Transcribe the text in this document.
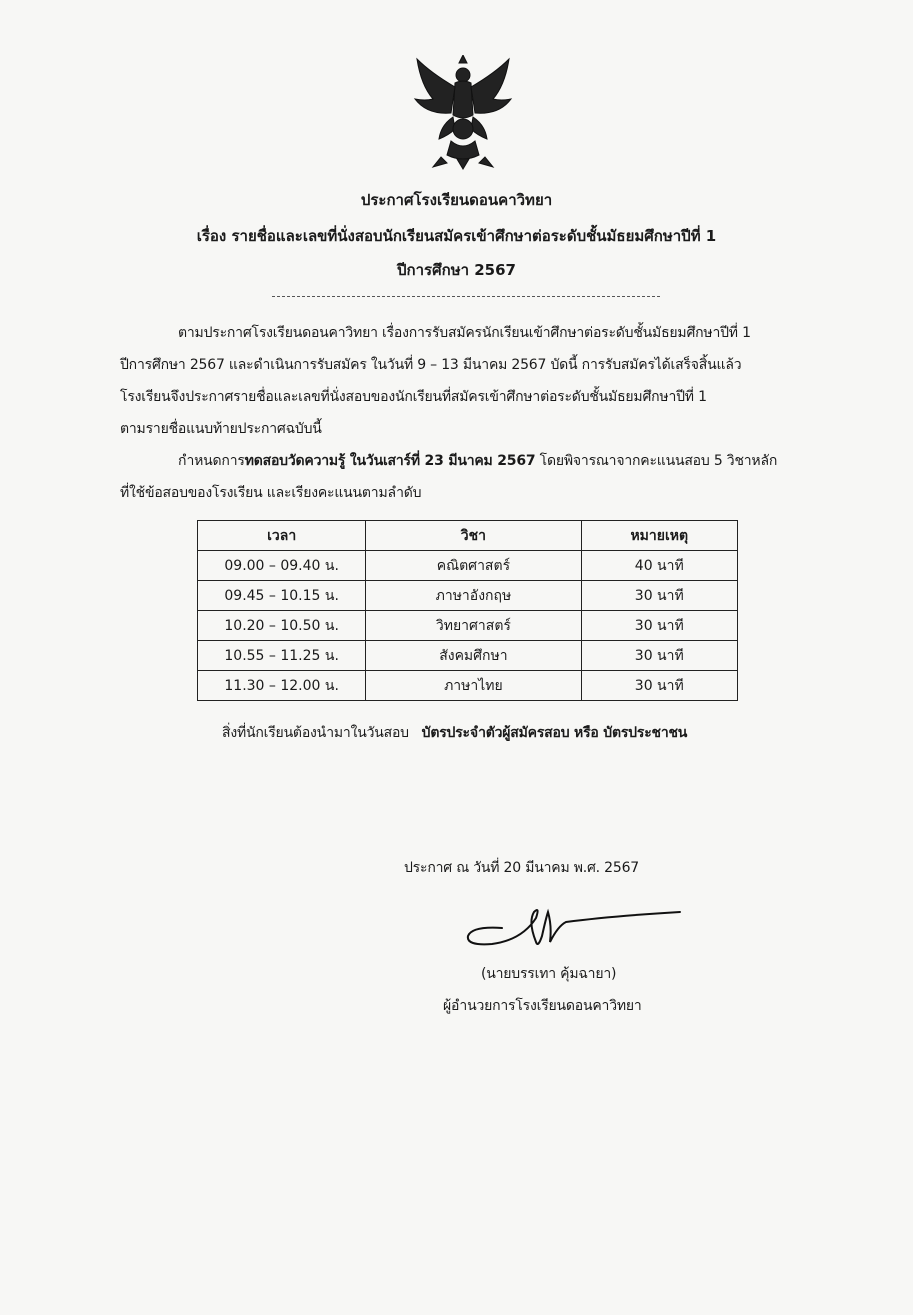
ประกาศโรงเรียนดอนคาวิทยา
เรื่อง รายชื่อและเลขที่นั่งสอบนักเรียนสมัครเข้าศึกษาต่อระดับชั้นมัธยมศึกษาปีที่ 1
ปีการศึกษา 2567
ตามประกาศโรงเรียนดอนคาวิทยา เรื่องการรับสมัครนักเรียนเข้าศึกษาต่อระดับชั้นมัธยมศึกษาปีที่ 1
ปีการศึกษา 2567 และดำเนินการรับสมัคร ในวันที่ 9 – 13 มีนาคม 2567 บัดนี้ การรับสมัครได้เสร็จสิ้นแล้ว
โรงเรียนจึงประกาศรายชื่อและเลขที่นั่งสอบของนักเรียนที่สมัครเข้าศึกษาต่อระดับชั้นมัธยมศึกษาปีที่ 1
ตามรายชื่อแนบท้ายประกาศฉบับนี้
กำหนดการทดสอบวัดความรู้ ในวันเสาร์ที่ 23 มีนาคม 2567 โดยพิจารณาจากคะแนนสอบ 5 วิชาหลัก
ที่ใช้ข้อสอบของโรงเรียน และเรียงคะแนนตามลำดับ
เวลา	วิชา	หมายเหตุ
09.00 – 09.40 น.	คณิตศาสตร์	40 นาที
09.45 – 10.15 น.	ภาษาอังกฤษ	30 นาที
10.20 – 10.50 น.	วิทยาศาสตร์	30 นาที
10.55 – 11.25 น.	สังคมศึกษา	30 นาที
11.30 – 12.00 น.	ภาษาไทย	30 นาที
สิ่งที่นักเรียนต้องนำมาในวันสอบ บัตรประจำตัวผู้สมัครสอบ หรือ บัตรประชาชน
ประกาศ ณ วันที่ 20 มีนาคม พ.ศ. 2567
(นายบรรเทา คุ้มฉายา)
ผู้อำนวยการโรงเรียนดอนคาวิทยา
